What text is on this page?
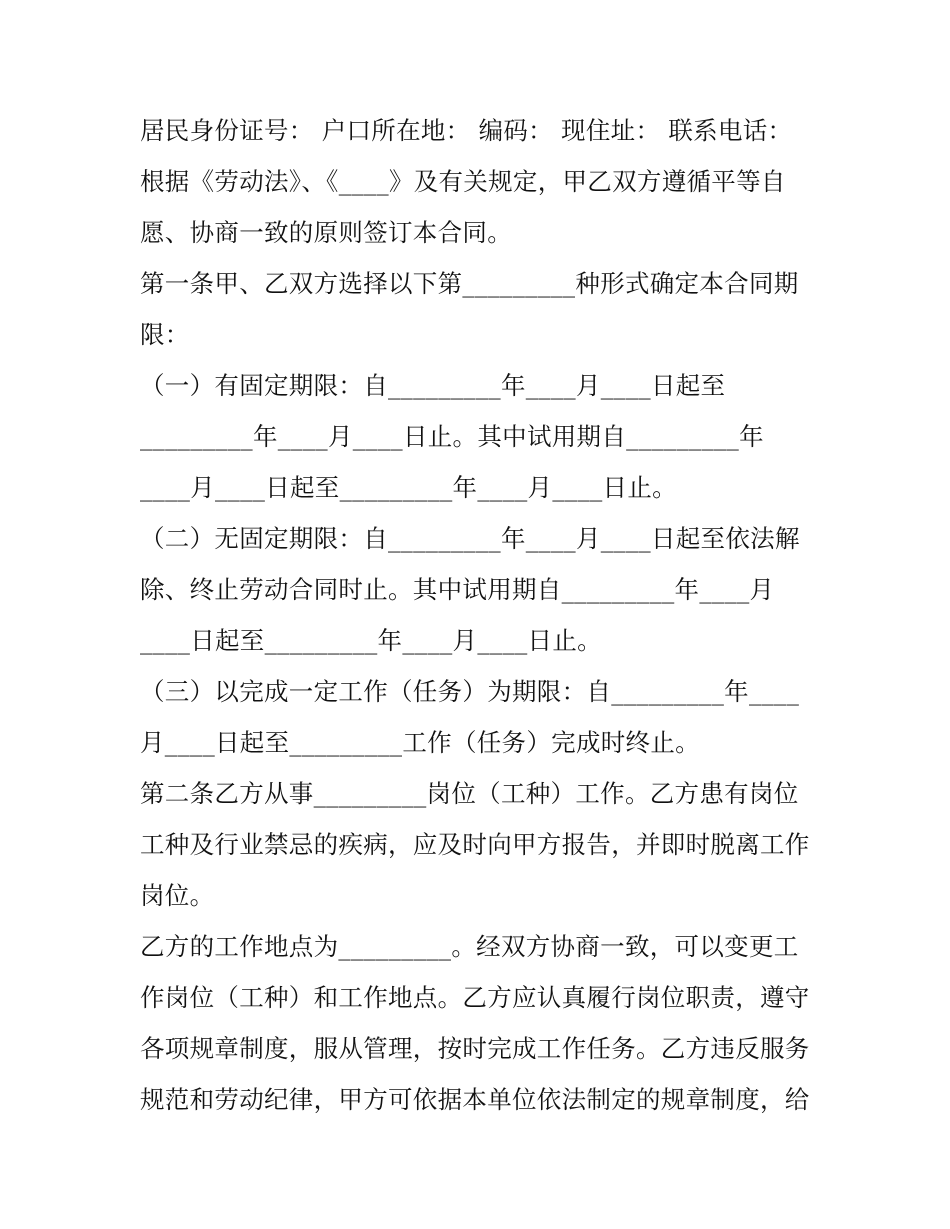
居民身份证号： 户口所在地： 编码： 现住址： 联系电话：
根据《劳动法》、《____》及有关规定，甲乙双方遵循平等自
愿、协商一致的原则签订本合同。
第一条甲、乙双方选择以下第_________种形式确定本合同期
限：
（一）有固定期限：自_________年____月____日起至
_________年____月____日止。其中试用期自_________年
____月____日起至_________年____月____日止。
（二）无固定期限：自_________年____月____日起至依法解
除、终止劳动合同时止。其中试用期自_________年____月
____日起至_________年____月____日止。
（三）以完成一定工作（任务）为期限：自_________年____
月____日起至_________工作（任务）完成时终止。
第二条乙方从事_________岗位（工种）工作。乙方患有岗位
工种及行业禁忌的疾病，应及时向甲方报告，并即时脱离工作
岗位。
乙方的工作地点为_________。经双方协商一致，可以变更工
作岗位（工种）和工作地点。乙方应认真履行岗位职责，遵守
各项规章制度，服从管理，按时完成工作任务。乙方违反服务
规范和劳动纪律，甲方可依据本单位依法制定的规章制度，给
